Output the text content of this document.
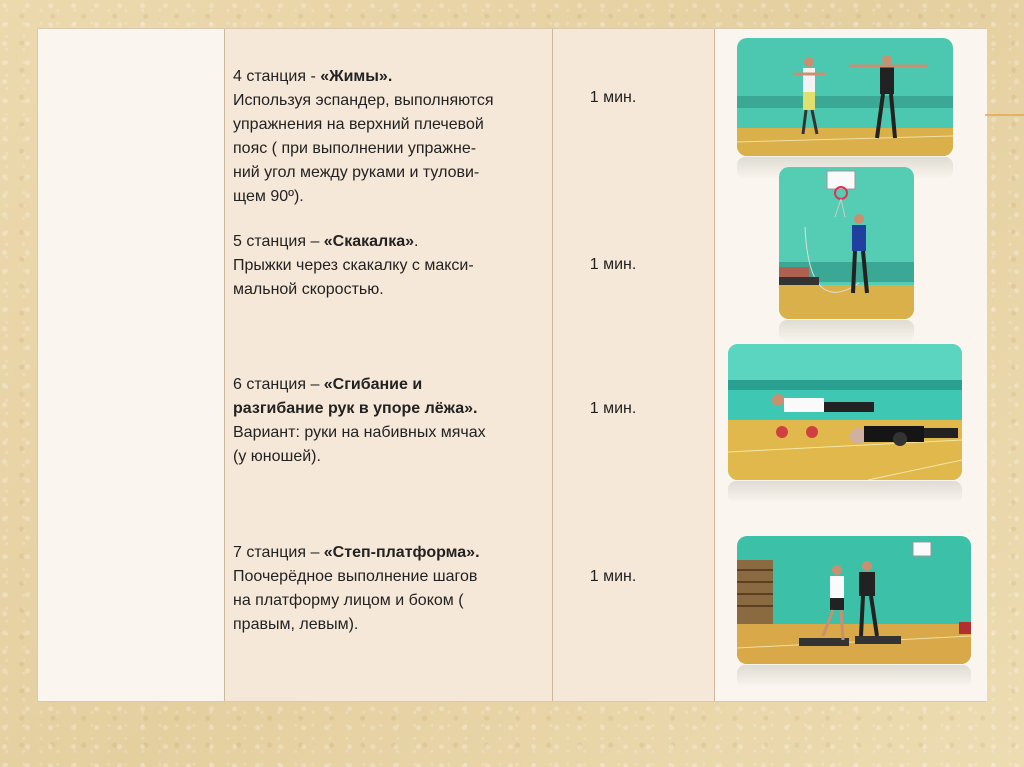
4 станция - «Жимы».
Используя эспандер, выполняются
упражнения на верхний плечевой
пояс ( при выполнении упражне-
ний угол между руками и тулови-
щем 90º).
1 мин.
5 станция – «Скакалка».
Прыжки через скакалку с макси-
мальной скоростью.
1 мин.
6 станция – «Сгибание и
разгибание рук в упоре лёжа».
Вариант: руки на набивных мячах
(у юношей).
1 мин.
7 станция – «Степ-платформа».
Поочерёдное выполнение шагов
на платформу лицом и боком (
правым, левым).
1 мин.
